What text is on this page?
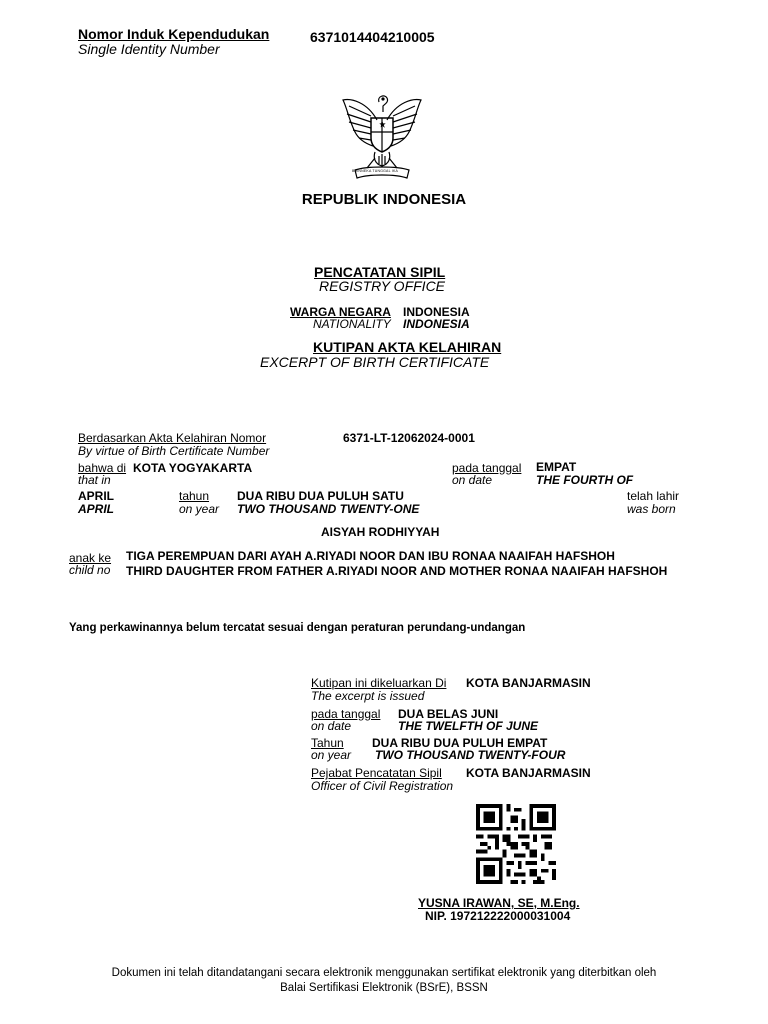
Nomor Induk Kependudukan
Single Identity Number
6371014404210005
BHINNEKA TUNGGAL IKA
REPUBLIK INDONESIA
PENCATATAN SIPIL
REGISTRY OFFICE
WARGA NEGARA INDONESIA
NATIONALITY INDONESIA
KUTIPAN AKTA KELAHIRAN
EXCERPT OF BIRTH CERTIFICATE
Berdasarkan Akta Kelahiran Nomor
By virtue of Birth Certificate Number
6371-LT-12062024-0001
bahwa di KOTA YOGYAKARTA
that in
pada tanggal
on date
EMPAT
THE FOURTH OF
APRIL
APRIL
tahun
on year
DUA RIBU DUA PULUH SATU
TWO THOUSAND TWENTY-ONE
telah lahir
was born
AISYAH RODHIYYAH
anak ke
child no
TIGA PEREMPUAN DARI AYAH A.RIYADI NOOR DAN IBU RONAA NAAIFAH HAFSHOH
THIRD DAUGHTER FROM FATHER A.RIYADI NOOR AND MOTHER RONAA NAAIFAH HAFSHOH
Yang perkawinannya belum tercatat sesuai dengan peraturan perundang-undangan
Kutipan ini dikeluarkan Di
The excerpt is issued
KOTA BANJARMASIN
pada tanggal
on date
DUA BELAS JUNI
THE TWELFTH OF JUNE
Tahun
on year
DUA RIBU DUA PULUH EMPAT
TWO THOUSAND TWENTY-FOUR
Pejabat Pencatatan Sipil
Officer of Civil Registration
KOTA BANJARMASIN
YUSNA IRAWAN, SE, M.Eng.
NIP. 197212222000031004
Dokumen ini telah ditandatangani secara elektronik menggunakan sertifikat elektronik yang diterbitkan oleh
Balai Sertifikasi Elektronik (BSrE), BSSN
